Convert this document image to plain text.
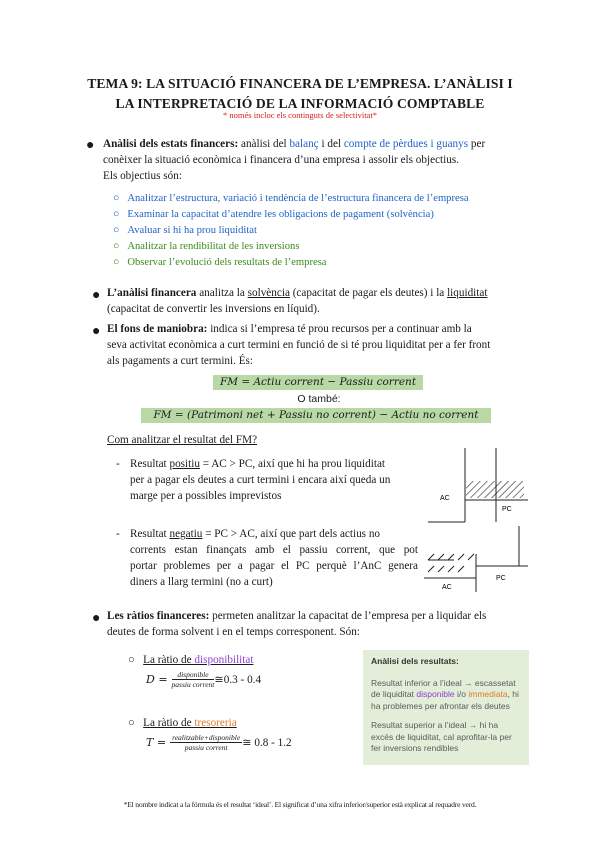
TEMA 9: LA SITUACIÓ FINANCERA DE L’EMPRESA. L’ANÀLISI I
LA INTERPRETACIÓ DE LA INFORMACIÓ COMPTABLE
* només incloc els continguts de selectivitat*
● Anàlisi dels estats financers: anàlisi del balanç i del compte de pèrdues i guanys per
conèixer la situació econòmica i financera d’una empresa i assolir els objectius.
Els objectius són:
○   Analitzar l’estructura, variació i tendència de l’estructura financera de l’empresa
○   Examinar la capacitat d’atendre les obligacions de pagament (solvència)
○   Avaluar si hi ha prou liquiditat
○   Analitzar la rendibilitat de les inversions
○   Observar l’evolució dels resultats de l’empresa
● L’anàlisi financera analitza la solvència (capacitat de pagar els deutes) i la liquiditat
(capacitat de convertir les inversions en líquid).
● El fons de maniobra: indica si l’empresa té prou recursos per a continuar amb la
seva activitat econòmica a curt termini en funció de si té prou liquiditat per a fer front
als pagaments a curt termini. És:
FM = Actiu corrent − Passiu corrent
O també:
FM = (Patrimoni net + Passiu no corrent) − Actiu no corrent
Com analitzar el resultat del FM?
- Resultat positiu = AC > PC, així que hi ha prou liquiditat
per a pagar els deutes a curt termini i encara així queda un
marge per a possibles imprevistos
- Resultat negatiu = PC > AC, així que part dels actius no
corrents estan finançats amb el passiu corrent, que pot
portar problemes per a pagar el PC perquè l’AnC genera
diners a llarg termini (no a curt)
AC
PC
AC
PC
● Les ràtios financeres: permeten analitzar la capacitat de l’empresa per a liquidar els
deutes de forma solvent i en el temps corresponent. Són:
○   La ràtio de disponibilitat
$D = \frac{\text{disponible}}{\text{passiu corrent}}$ ≅0.3 - 0.4
○   La ràtio de tresoreria
$T = \frac{\text{realitzable+disponible}}{\text{passiu corrent}}$ ≅ 0.8 - 1.2
Anàlisi dels resultats:
Resultat inferior a l’ideal → escassetat de liquiditat disponible i/o immediata, hi ha problemes per afrontar els deutes
Resultat superior a l’ideal → hi ha excés de liquiditat, cal aprofitar-la per fer inversions rendibles
*El nombre indicat a la fórmula és el resultat ‘ideal’. El significat d’una xifra inferior/superior està explicat al requadre verd.
